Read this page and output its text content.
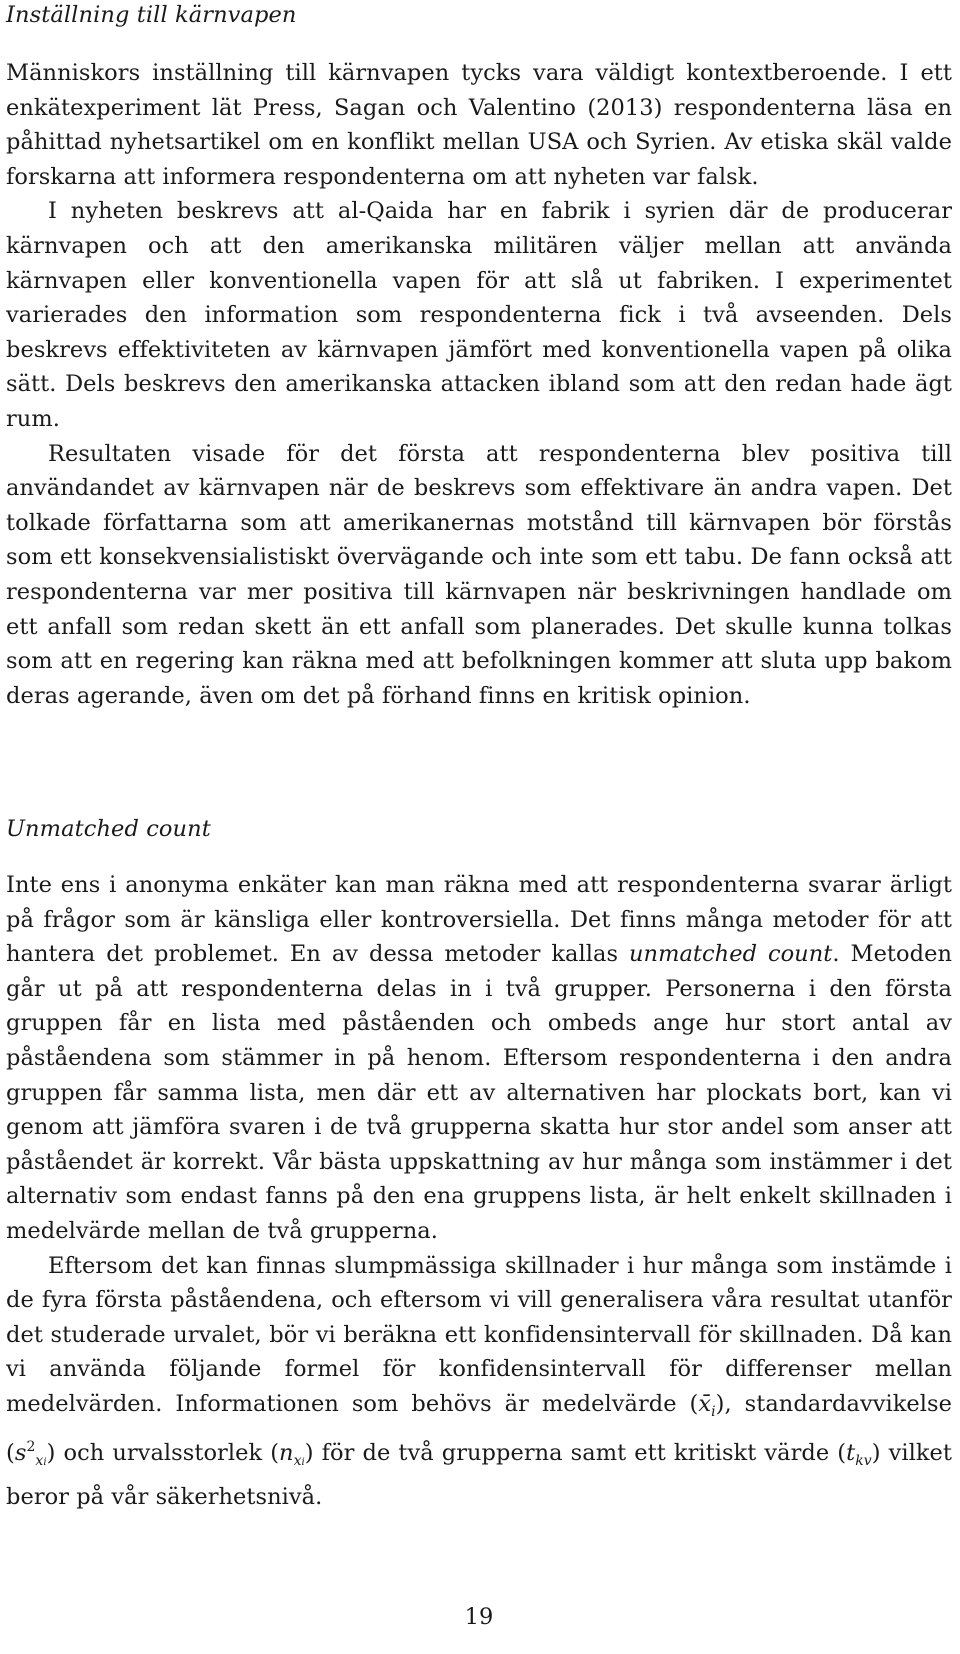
Inställning till kärnvapen

Människors inställning till kärnvapen tycks vara väldigt kontextberoende. I ett enkätexperiment lät Press, Sagan och Valentino (2013) respondenterna läsa en påhittad nyhetsartikel om en konflikt mellan USA och Syrien. Av etiska skäl valde forskarna att informera respondenterna om att nyheten var falsk.

I nyheten beskrevs att al-Qaida har en fabrik i syrien där de producerar kärnvapen och att den amerikanska militären väljer mellan att använda kärnvapen eller konventionella vapen för att slå ut fabriken. I experimentet varierades den information som respondenterna fick i två avseenden. Dels beskrevs effektiviteten av kärnvapen jämfört med konventionella vapen på olika sätt. Dels beskrevs den amerikanska attacken ibland som att den redan hade ägt rum.

Resultaten visade för det första att respondenterna blev positiva till användandet av kärnvapen när de beskrevs som effektivare än andra vapen. Det tolkade författarna som att amerikanernas motstånd till kärnvapen bör förstås som ett konsekvensialistiskt övervägande och inte som ett tabu. De fann också att respondenterna var mer positiva till kärnvapen när beskrivningen handlade om ett anfall som redan skett än ett anfall som planerades. Det skulle kunna tolkas som att en regering kan räkna med att befolkningen kommer att sluta upp bakom deras agerande, även om det på förhand finns en kritisk opinion.

Unmatched count

Inte ens i anonyma enkäter kan man räkna med att respondenterna svarar ärligt på frågor som är känsliga eller kontroversiella. Det finns många metoder för att hantera det problemet. En av dessa metoder kallas unmatched count. Metoden går ut på att respondenterna delas in i två grupper. Personerna i den första gruppen får en lista med påståenden och ombeds ange hur stort antal av påståendena som stämmer in på henom. Eftersom respondenterna i den andra gruppen får samma lista, men där ett av alternativen har plockats bort, kan vi genom att jämföra svaren i de två grupperna skatta hur stor andel som anser att påståendet är korrekt. Vår bästa uppskattning av hur många som instämmer i det alternativ som endast fanns på den ena gruppens lista, är helt enkelt skillnaden i medelvärde mellan de två grupperna.

Eftersom det kan finnas slumpmässiga skillnader i hur många som instämde i de fyra första påståendena, och eftersom vi vill generalisera våra resultat utanför det studerade urvalet, bör vi beräkna ett konfidensintervall för skillnaden. Då kan vi använda följande formel för konfidensintervall för differenser mellan medelvärden. Informationen som behövs är medelvärde $(x̄_i)$, standardavvikelse $(s^2_{xi})$ och urvalsstorlek $(n_{xi})$ för de två grupperna samt ett kritiskt värde $(t_{kv})$ vilket beror på vår säkerhetsnivå.

19
